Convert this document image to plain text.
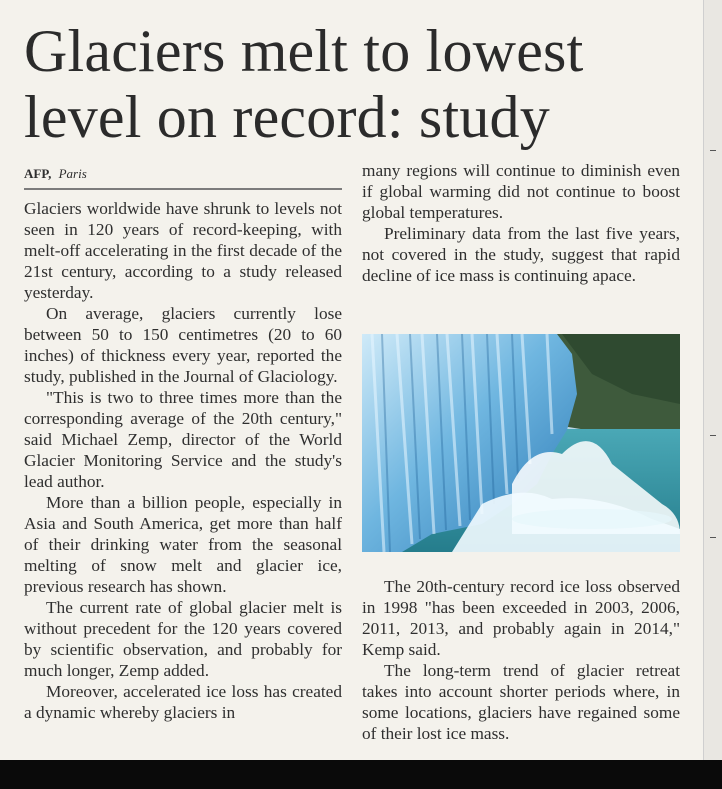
Glaciers melt to lowest level on record: study
AFP, Paris

Glaciers worldwide have shrunk to levels not seen in 120 years of record-keeping, with melt-off accelerating in the first decade of the 21st century, according to a study released yesterday.

On average, glaciers currently lose between 50 to 150 centimetres (20 to 60 inches) of thickness every year, reported the study, published in the Journal of Glaciology.

"This is two to three times more than the corresponding average of the 20th century," said Michael Zemp, director of the World Glacier Monitoring Service and the study's lead author.

More than a billion people, especially in Asia and South America, get more than half of their drinking water from the seasonal melting of snow melt and glacier ice, previous research has shown.

The current rate of global glacier melt is without precedent for the 120 years covered by scientific observation, and probably for much longer, Zemp added.

Moreover, accelerated ice loss has created a dynamic whereby glaciers in

many regions will continue to diminish even if global warming did not continue to boost global temperatures.

Preliminary data from the last five years, not covered in the study, suggest that rapid decline of ice mass is continuing apace.

The 20th-century record ice loss observed in 1998 "has been exceeded in 2003, 2006, 2011, 2013, and probably again in 2014," Kemp said.

The long-term trend of glacier retreat takes into account shorter periods where, in some locations, glaciers have regained some of their lost ice mass.
